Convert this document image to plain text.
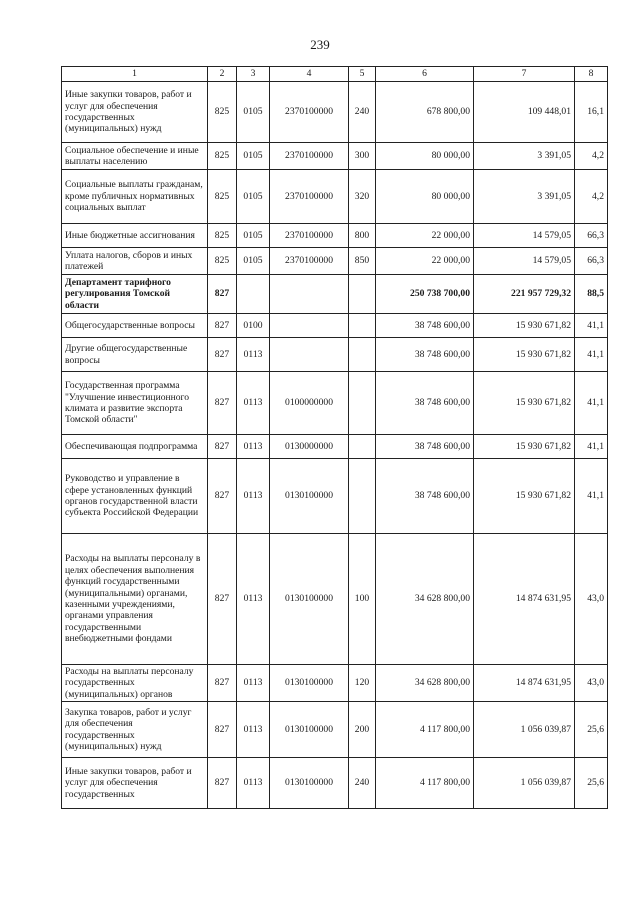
239
1	2	3	4	5	6	7	8
Иные закупки товаров, работ и услуг для обеспечения государственных (муниципальных) нужд	825	0105	2370100000	240	678 800,00	109 448,01	16,1
Социальное обеспечение и иные выплаты населению	825	0105	2370100000	300	80 000,00	3 391,05	4,2
Социальные выплаты гражданам, кроме публичных нормативных социальных выплат	825	0105	2370100000	320	80 000,00	3 391,05	4,2
Иные бюджетные ассигнования	825	0105	2370100000	800	22 000,00	14 579,05	66,3
Уплата налогов, сборов и иных платежей	825	0105	2370100000	850	22 000,00	14 579,05	66,3
Департамент тарифного регулирования Томской области	827				250 738 700,00	221 957 729,32	88,5
Общегосударственные вопросы	827	0100			38 748 600,00	15 930 671,82	41,1
Другие общегосударственные вопросы	827	0113			38 748 600,00	15 930 671,82	41,1
Государственная программа "Улучшение инвестиционного климата и развитие экспорта Томской области"	827	0113	0100000000		38 748 600,00	15 930 671,82	41,1
Обеспечивающая подпрограмма	827	0113	0130000000		38 748 600,00	15 930 671,82	41,1
Руководство и управление в сфере установленных функций органов государственной власти субъекта Российской Федерации	827	0113	0130100000		38 748 600,00	15 930 671,82	41,1
Расходы на выплаты персоналу в целях обеспечения выполнения функций государственными (муниципальными) органами, казенными учреждениями, органами управления государственными внебюджетными фондами	827	0113	0130100000	100	34 628 800,00	14 874 631,95	43,0
Расходы на выплаты персоналу государственных (муниципальных) органов	827	0113	0130100000	120	34 628 800,00	14 874 631,95	43,0
Закупка товаров, работ и услуг для обеспечения государственных (муниципальных) нужд	827	0113	0130100000	200	4 117 800,00	1 056 039,87	25,6
Иные закупки товаров, работ и услуг для обеспечения государственных	827	0113	0130100000	240	4 117 800,00	1 056 039,87	25,6
